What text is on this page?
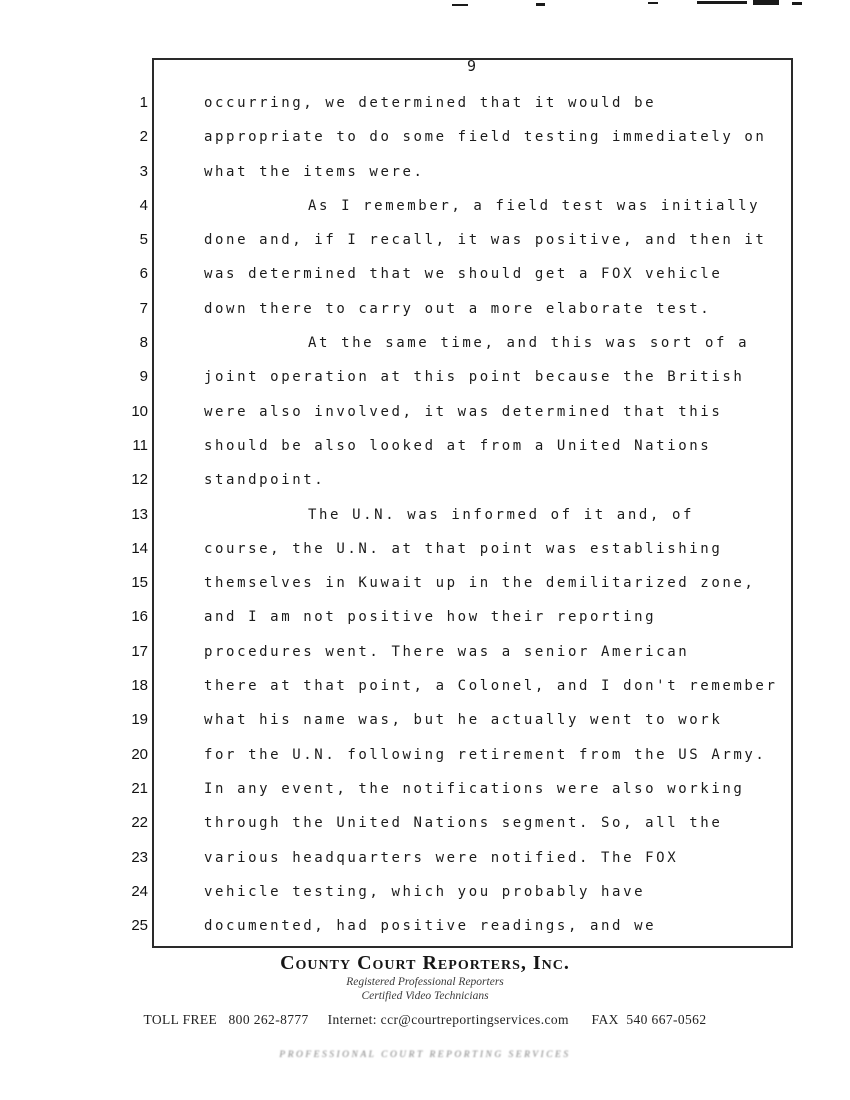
9
1	occurring, we determined that it would be
2	appropriate to do some field testing immediately on
3	what the items were.
4	As I remember, a field test was initially
5	done and, if I recall, it was positive, and then it
6	was determined that we should get a FOX vehicle
7	down there to carry out a more elaborate test.
8	At the same time, and this was sort of a
9	joint operation at this point because the British
10	were also involved, it was determined that this
11	should be also looked at from a United Nations
12	standpoint.
13	The U.N. was informed of it and, of
14	course, the U.N. at that point was establishing
15	themselves in Kuwait up in the demilitarized zone,
16	and I am not positive how their reporting
17	procedures went. There was a senior American
18	there at that point, a Colonel, and I don't remember
19	what his name was, but he actually went to work
20	for the U.N. following retirement from the US Army.
21	In any event, the notifications were also working
22	through the United Nations segment. So, all the
23	various headquarters were notified. The FOX
24	vehicle testing, which you probably have
25	documented, had positive readings, and we
County Court Reporters, Inc.
Registered Professional Reporters
Certified Video Technicians
TOLL FREE   800 262-8777     Internet: ccr@courtreportingservices.com      FAX  540 667-0562
PROFESSIONAL COURT REPORTING SERVICES
